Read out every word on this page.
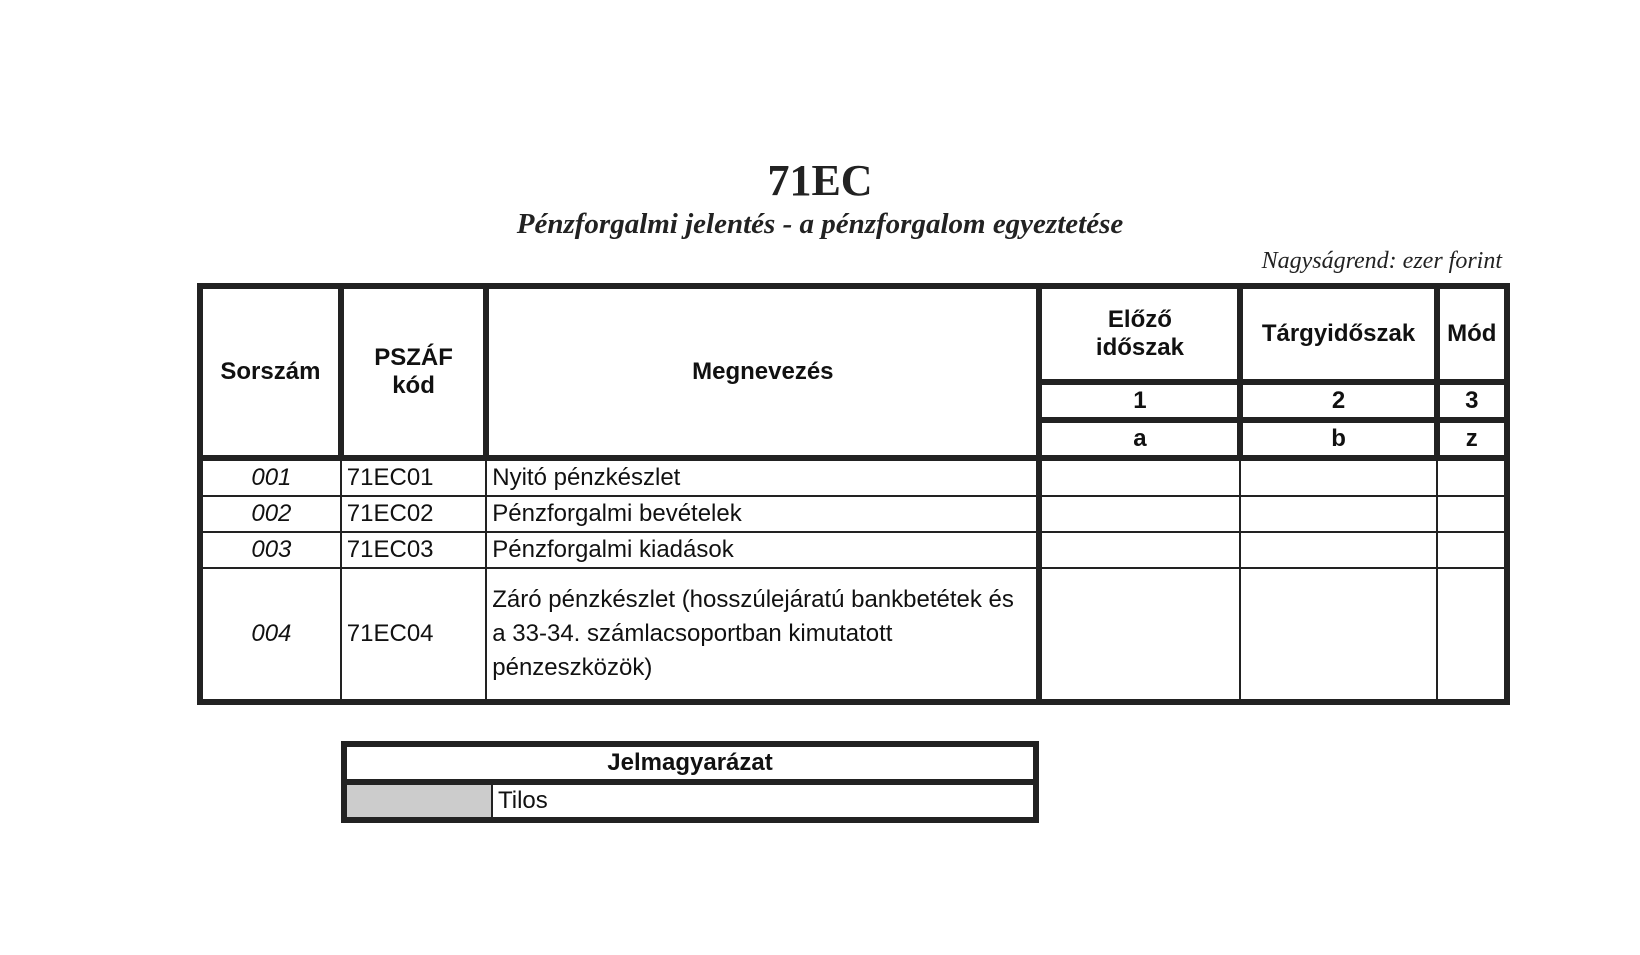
71EC
Pénzforgalmi jelentés - a pénzforgalom egyeztetése
Nagyságrend: ezer forint
Sorszám	PSZÁF kód	Megnevezés	Előző időszak	Tárgyidőszak	Mód
			1	2	3
			a	b	z
001	71EC01	Nyitó pénzkészlet			
002	71EC02	Pénzforgalmi bevételek			
003	71EC03	Pénzforgalmi kiadások			
004	71EC04	Záró pénzkészlet (hosszúlejáratú bankbetétek és a 33-34. számlacsoportban kimutatott pénzeszközök)			
Jelmagyarázat
	Tilos
